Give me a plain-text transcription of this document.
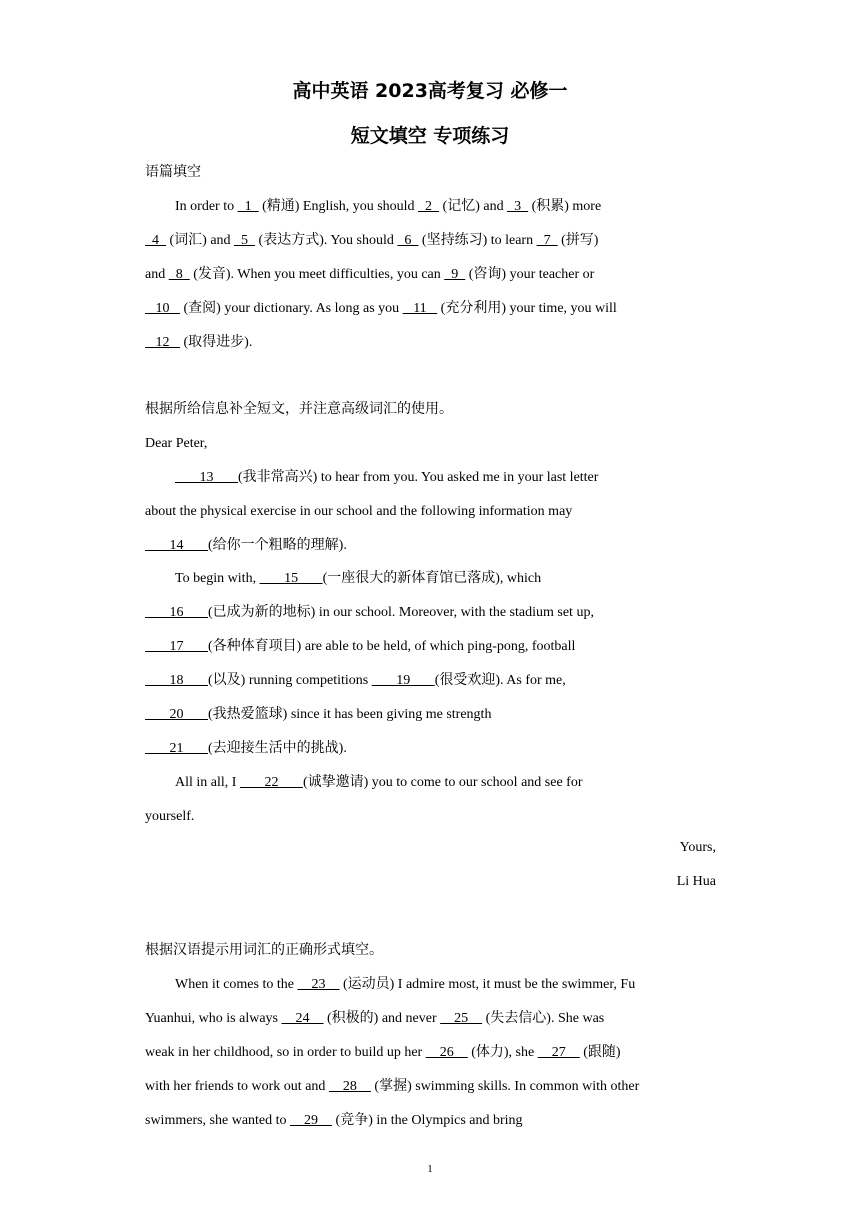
高中英语 2023高考复习 必修一
短文填空 专项练习
语篇填空
In order to   1   (精通) English, you should   2   (记忆) and   3   (积累) more
4   (词汇) and   5   (表达方式). You should   6   (坚持练习) to learn   7   (拼写)
and   8   (发音). When you meet difficulties, you can   9   (咨询) your teacher or
10    (查阅) your dictionary. As long as you    11    (充分利用) your time, you will
12    (取得进步).
根据所给信息补全短文，并注意高级词汇的使用。
Dear Peter,
13       (我非常高兴) to hear from you. You asked me in your last letter
about the physical exercise in our school and the following information may
14       (给你一个粗略的理解).
To begin with,        15       (一座很大的新体育馆已落成), which
16       (已成为新的地标) in our school. Moreover, with the stadium set up,
17       (各种体育项目) are able to be held, of which ping-pong, football
18       (以及) running competitions        19       (很受欢迎). As for me,
20       (我热爱篮球) since it has been giving me strength
21       (去迎接生活中的挑战).
All in all, I        22       (诚挚邀请) you to come to our school and see for
yourself.
Yours,
Li Hua
根据汉语提示用词汇的正确形式填空。
When it comes to the     23     (运动员) I admire most, it must be the swimmer, Fu
Yuanhui, who is always     24     (积极的) and never     25     (失去信心). She was
weak in her childhood, so in order to build up her     26     (体力), she     27     (跟随)
with her friends to work out and     28     (掌握) swimming skills. In common with other
swimmers, she wanted to     29     (竞争) in the Olympics and bring
1
